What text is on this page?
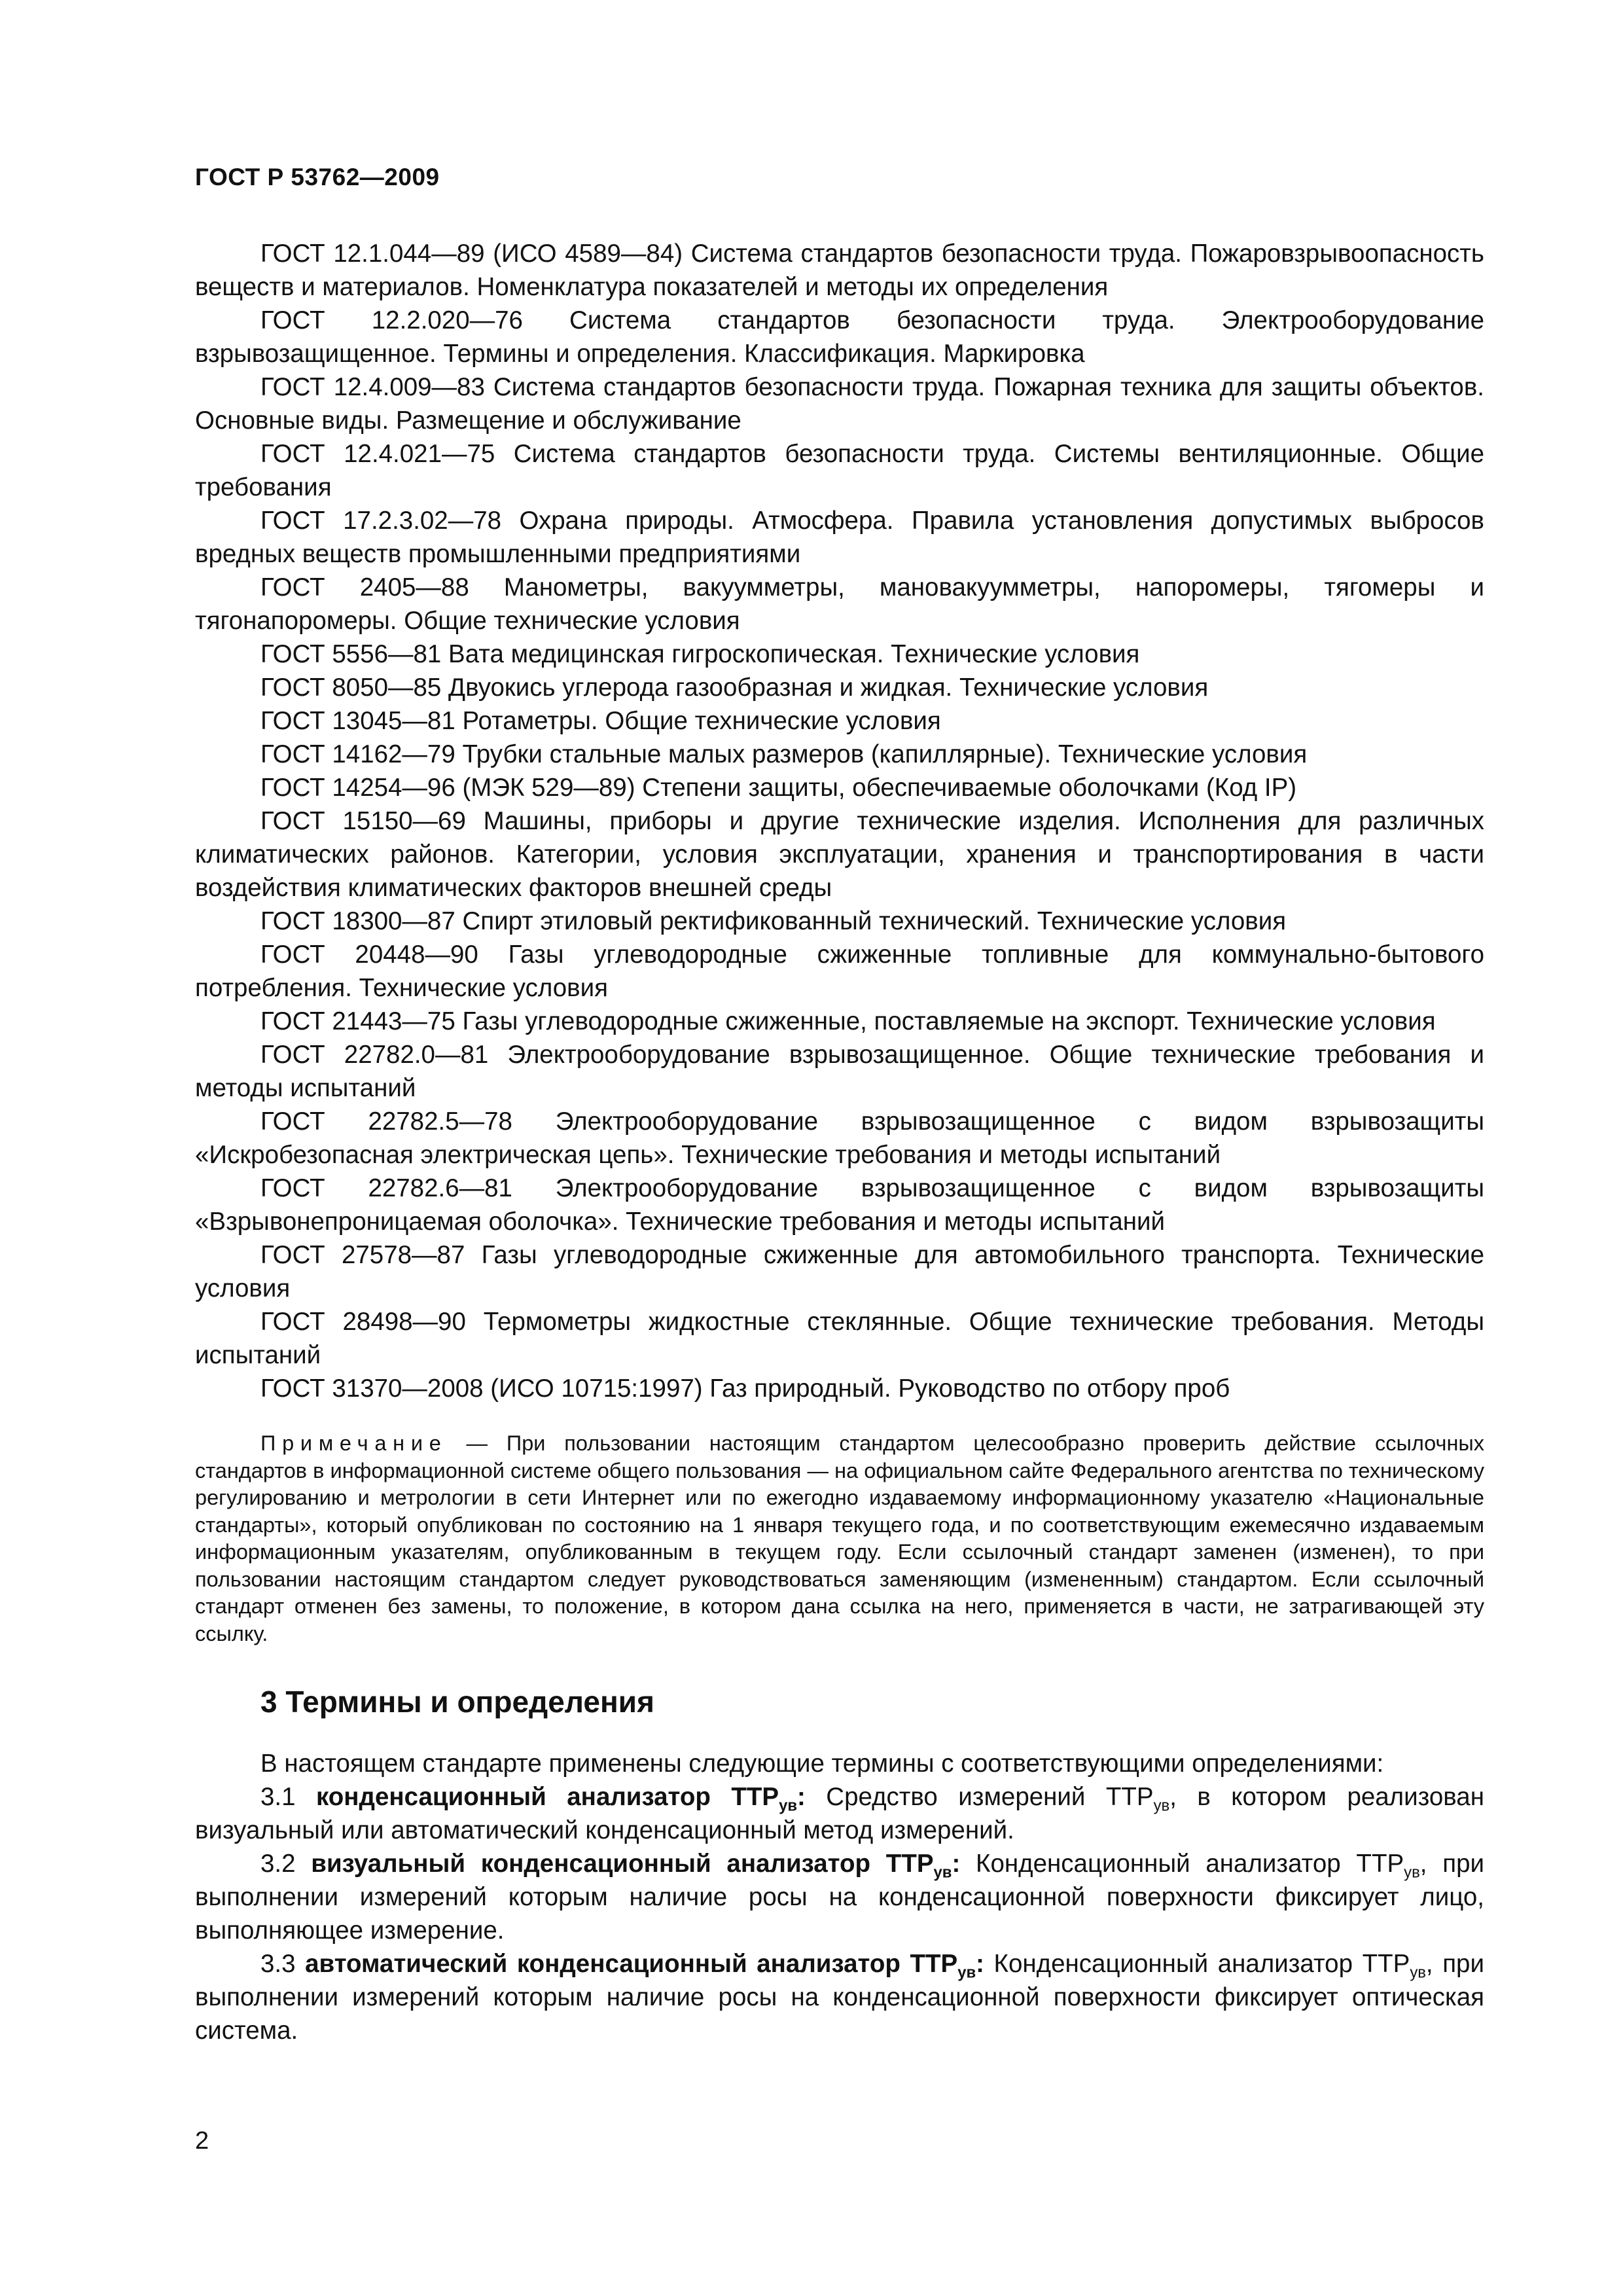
ГОСТ Р 53762—2009

ГОСТ 12.1.044—89 (ИСО 4589—84) Система стандартов безопасности труда. Пожаровзрывоопасность веществ и материалов. Номенклатура показателей и методы их определения

ГОСТ 12.2.020—76 Система стандартов безопасности труда. Электрооборудование взрывозащищенное. Термины и определения. Классификация. Маркировка

ГОСТ 12.4.009—83 Система стандартов безопасности труда. Пожарная техника для защиты объектов. Основные виды. Размещение и обслуживание

ГОСТ 12.4.021—75 Система стандартов безопасности труда. Системы вентиляционные. Общие требования

ГОСТ 17.2.3.02—78 Охрана природы. Атмосфера. Правила установления допустимых выбросов вредных веществ промышленными предприятиями

ГОСТ 2405—88 Манометры, вакуумметры, мановакуумметры, напоромеры, тягомеры и тягонапоромеры. Общие технические условия

ГОСТ 5556—81 Вата медицинская гигроскопическая. Технические условия

ГОСТ 8050—85 Двуокись углерода газообразная и жидкая. Технические условия

ГОСТ 13045—81 Ротаметры. Общие технические условия

ГОСТ 14162—79 Трубки стальные малых размеров (капиллярные). Технические условия

ГОСТ 14254—96 (МЭК 529—89) Степени защиты, обеспечиваемые оболочками (Код IP)

ГОСТ 15150—69 Машины, приборы и другие технические изделия. Исполнения для различных климатических районов. Категории, условия эксплуатации, хранения и транспортирования в части воздействия климатических факторов внешней среды

ГОСТ 18300—87 Спирт этиловый ректификованный технический. Технические условия

ГОСТ 20448—90 Газы углеводородные сжиженные топливные для коммунально-бытового потребления. Технические условия

ГОСТ 21443—75 Газы углеводородные сжиженные, поставляемые на экспорт. Технические условия

ГОСТ 22782.0—81 Электрооборудование взрывозащищенное. Общие технические требования и методы испытаний

ГОСТ 22782.5—78 Электрооборудование взрывозащищенное с видом взрывозащиты «Искробезопасная электрическая цепь». Технические требования и методы испытаний

ГОСТ 22782.6—81 Электрооборудование взрывозащищенное с видом взрывозащиты «Взрывонепроницаемая оболочка». Технические требования и методы испытаний

ГОСТ 27578—87 Газы углеводородные сжиженные для автомобильного транспорта. Технические условия

ГОСТ 28498—90 Термометры жидкостные стеклянные. Общие технические требования. Методы испытаний

ГОСТ 31370—2008 (ИСО 10715:1997) Газ природный. Руководство по отбору проб

Примечание — При пользовании настоящим стандартом целесообразно проверить действие ссылочных стандартов в информационной системе общего пользования — на официальном сайте Федерального агентства по техническому регулированию и метрологии в сети Интернет или по ежегодно издаваемому информационному указателю «Национальные стандарты», который опубликован по состоянию на 1 января текущего года, и по соответствующим ежемесячно издаваемым информационным указателям, опубликованным в текущем году. Если ссылочный стандарт заменен (изменен), то при пользовании настоящим стандартом следует руководствоваться заменяющим (измененным) стандартом. Если ссылочный стандарт отменен без замены, то положение, в котором дана ссылка на него, применяется в части, не затрагивающей эту ссылку.

3 Термины и определения

В настоящем стандарте применены следующие термины с соответствующими определениями:

3.1 конденсационный анализатор $ТТР_{ув}$: Средство измерений $ТТР_{ув}$, в котором реализован визуальный или автоматический конденсационный метод измерений.

3.2 визуальный конденсационный анализатор $ТТР_{ув}$: Конденсационный анализатор $ТТР_{ув}$, при выполнении измерений которым наличие росы на конденсационной поверхности фиксирует лицо, выполняющее измерение.

3.3 автоматический конденсационный анализатор $ТТР_{ув}$: Конденсационный анализатор $ТТР_{ув}$, при выполнении измерений которым наличие росы на конденсационной поверхности фиксирует оптическая система.

2
